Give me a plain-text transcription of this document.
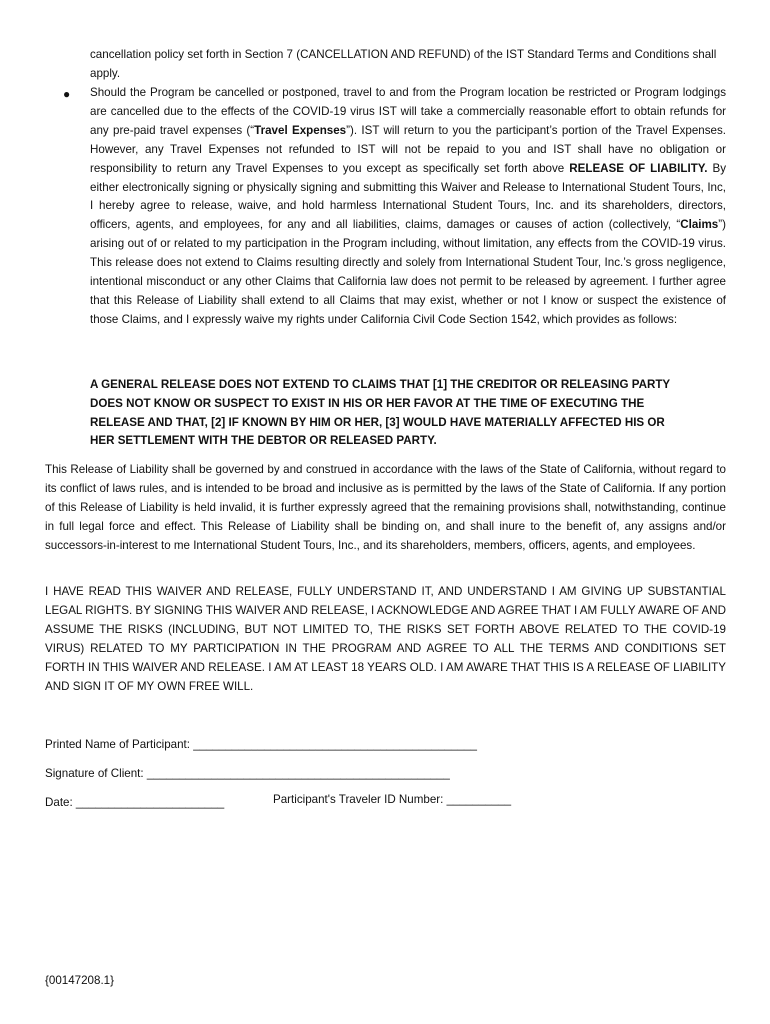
cancellation policy set forth in Section 7 (CANCELLATION AND REFUND) of the IST Standard Terms and Conditions shall apply.
● Should the Program be cancelled or postponed, travel to and from the Program location be restricted or Program lodgings are cancelled due to the effects of the COVID-19 virus IST will take a commercially reasonable effort to obtain refunds for any pre-paid travel expenses (“Travel Expenses”). IST will return to you the participant’s portion of the Travel Expenses. However, any Travel Expenses not refunded to IST will not be repaid to you and IST shall have no obligation or responsibility to return any Travel Expenses to you except as specifically set forth above RELEASE OF LIABILITY. By either electronically signing or physically signing and submitting this Waiver and Release to International Student Tours, Inc, I hereby agree to release, waive, and hold harmless International Student Tours, Inc. and its shareholders, directors, officers, agents, and employees, for any and all liabilities, claims, damages or causes of action (collectively, “Claims”) arising out of or related to my participation in the Program including, without limitation, any effects from the COVID-19 virus. This release does not extend to Claims resulting directly and solely from International Student Tour, Inc.’s gross negligence, intentional misconduct or any other Claims that California law does not permit to be released by agreement. I further agree that this Release of Liability shall extend to all Claims that may exist, whether or not I know or suspect the existence of those Claims, and I expressly waive my rights under California Civil Code Section 1542, which provides as follows:
A GENERAL RELEASE DOES NOT EXTEND TO CLAIMS THAT [1] THE CREDITOR OR RELEASING PARTY
DOES NOT KNOW OR SUSPECT TO EXIST IN HIS OR HER FAVOR AT THE TIME OF EXECUTING THE
RELEASE AND THAT, [2] IF KNOWN BY HIM OR HER, [3] WOULD HAVE MATERIALLY AFFECTED HIS OR
HER SETTLEMENT WITH THE DEBTOR OR RELEASED PARTY.
This Release of Liability shall be governed by and construed in accordance with the laws of the State of California, without regard to its conflict of laws rules, and is intended to be broad and inclusive as is permitted by the laws of the State of California. If any portion of this Release of Liability is held invalid, it is further expressly agreed that the remaining provisions shall, notwithstanding, continue in full legal force and effect. This Release of Liability shall be binding on, and shall inure to the benefit of, any assigns and/or successors-in-interest to me International Student Tours, Inc., and its shareholders, members, officers, agents, and employees.
I HAVE READ THIS WAIVER AND RELEASE, FULLY UNDERSTAND IT, AND UNDERSTAND I AM GIVING UP SUBSTANTIAL LEGAL RIGHTS. BY SIGNING THIS WAIVER AND RELEASE, I ACKNOWLEDGE AND AGREE THAT I AM FULLY AWARE OF AND ASSUME THE RISKS (INCLUDING, BUT NOT LIMITED TO, THE RISKS SET FORTH ABOVE RELATED TO THE COVID-19 VIRUS) RELATED TO MY PARTICIPATION IN THE PROGRAM AND AGREE TO ALL THE TERMS AND CONDITIONS SET FORTH IN THIS WAIVER AND RELEASE. I AM AT LEAST 18 YEARS OLD. I AM AWARE THAT THIS IS A RELEASE OF LIABILITY AND SIGN IT OF MY OWN FREE WILL.
Printed Name of Participant: ____________________________________________
Signature of Client: _______________________________________________
Date: _______________________	Participant's Traveler ID Number: __________
{00147208.1}
